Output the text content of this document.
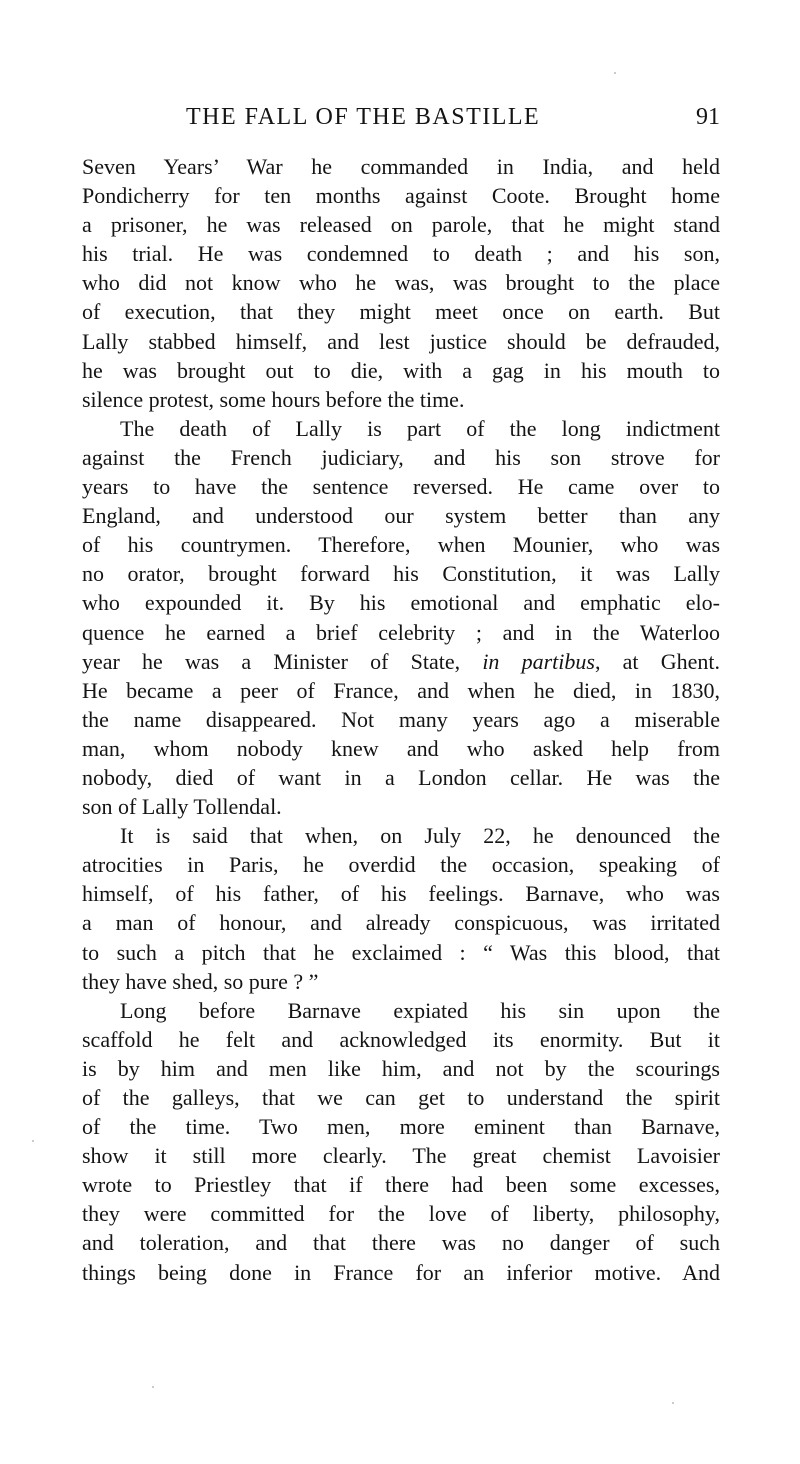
THE FALL OF THE BASTILLE	91
Seven Years’ War he commanded in India, and held
Pondicherry for ten months against Coote. Brought home
a prisoner, he was released on parole, that he might stand
his trial. He was condemned to death ; and his son,
who did not know who he was, was brought to the place
of execution, that they might meet once on earth. But
Lally stabbed himself, and lest justice should be defrauded,
he was brought out to die, with a gag in his mouth to
silence protest, some hours before the time.
The death of Lally is part of the long indictment
against the French judiciary, and his son strove for
years to have the sentence reversed. He came over to
England, and understood our system better than any
of his countrymen. Therefore, when Mounier, who was
no orator, brought forward his Constitution, it was Lally
who expounded it. By his emotional and emphatic elo-
quence he earned a brief celebrity ; and in the Waterloo
year he was a Minister of State, in partibus, at Ghent.
He became a peer of France, and when he died, in 1830,
the name disappeared. Not many years ago a miserable
man, whom nobody knew and who asked help from
nobody, died of want in a London cellar. He was the
son of Lally Tollendal.
It is said that when, on July 22, he denounced the
atrocities in Paris, he overdid the occasion, speaking of
himself, of his father, of his feelings. Barnave, who was
a man of honour, and already conspicuous, was irritated
to such a pitch that he exclaimed : “ Was this blood, that
they have shed, so pure ? ”
Long before Barnave expiated his sin upon the
scaffold he felt and acknowledged its enormity. But it
is by him and men like him, and not by the scourings
of the galleys, that we can get to understand the spirit
of the time. Two men, more eminent than Barnave,
show it still more clearly. The great chemist Lavoisier
wrote to Priestley that if there had been some excesses,
they were committed for the love of liberty, philosophy,
and toleration, and that there was no danger of such
things being done in France for an inferior motive. And
